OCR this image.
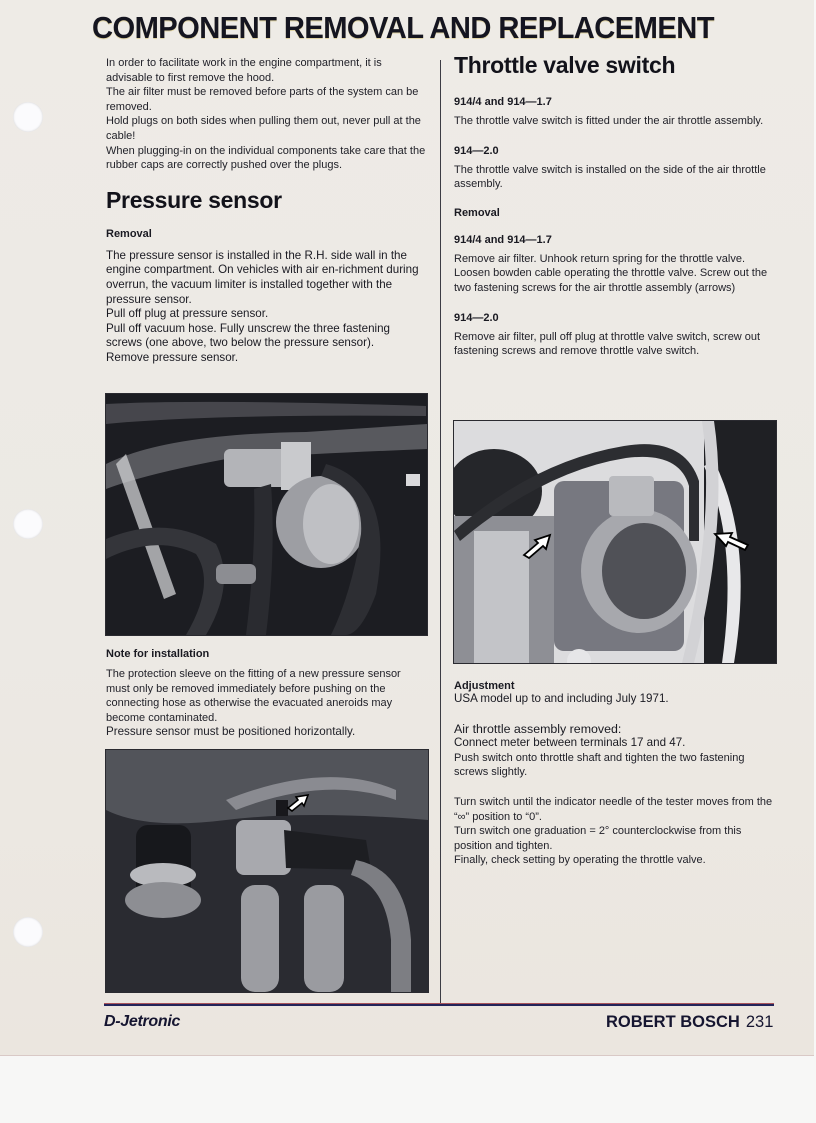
COMPONENT REMOVAL AND REPLACEMENT

In order to facilitate work in the engine compartment, it is advisable to first remove the hood.

The air filter must be removed before parts of the system can be removed.

Hold plugs on both sides when pulling them out, never pull at the cable!

When plugging-in on the individual components take care that the rubber caps are correctly pushed over the plugs.

Pressure sensor
Removal

The pressure sensor is installed in the R.H. side wall in the engine compartment. On vehicles with air en-richment during overrun, the vacuum limiter is installed together with the pressure sensor.

Pull off plug at pressure sensor.

Pull off vacuum hose. Fully unscrew the three fastening screws (one above, two below the pressure sensor).

Remove pressure sensor.

Note for installation

The protection sleeve on the fitting of a new pressure sensor must only be removed immediately before pushing on the connecting hose as otherwise the evacuated aneroids may become contaminated.

Pressure sensor must be positioned horizontally.

Throttle valve switch
914/4 and 914—1.7

The throttle valve switch is fitted under the air throttle assembly.

914—2.0

The throttle valve switch is installed on the side of the air throttle assembly.

Removal
914/4 and 914—1.7

Remove air filter. Unhook return spring for the throttle valve. Loosen bowden cable operating the throttle valve. Screw out the two fastening screws for the air throttle assembly (arrows)

914—2.0

Remove air filter, pull off plug at throttle valve switch, screw out fastening screws and remove throttle valve switch.

Adjustment

USA model up to and including July 1971.

Air throttle assembly removed:

Connect meter between terminals 17 and 47.

Push switch onto throttle shaft and tighten the two fastening screws slightly.

Turn switch until the indicator needle of the tester moves from the “∞” position to “0”.

Turn switch one graduation = 2° counterclockwise from this position and tighten.

Finally, check setting by operating the throttle valve.

D-Jetronic	ROBERT BOSCH 231
